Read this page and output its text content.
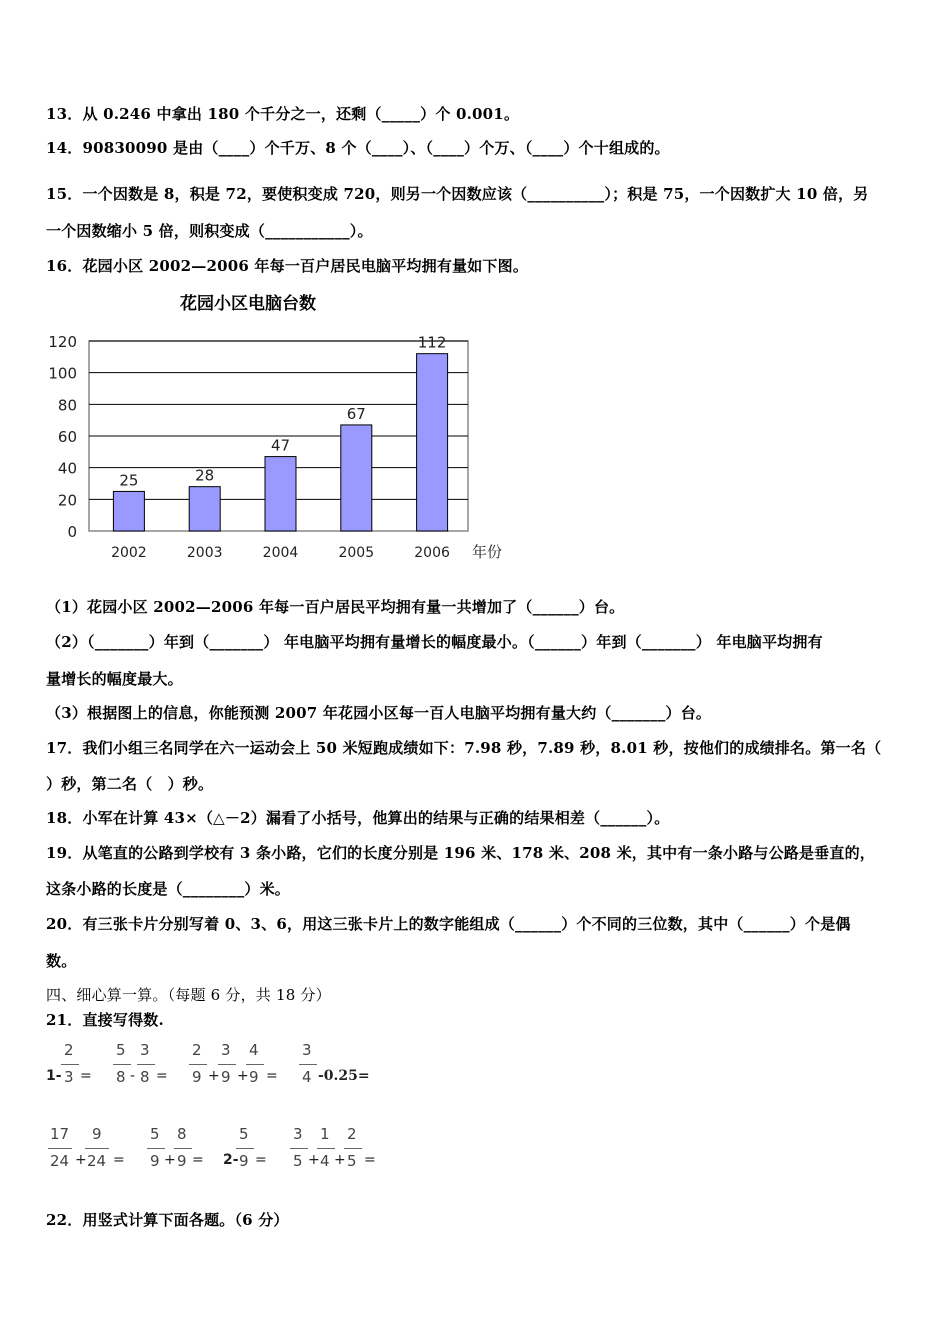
13．从 0.246 中拿出 180 个千分之一，还剩（_____）个 0.001。
14．90830090 是由（____）个千万、8 个（____）、（____）个万、（____）个十组成的。
15．一个因数是 8，积是 72，要使积变成 720，则另一个因数应该（__________）；积是 75，一个因数扩大 10 倍，另
一个因数缩小 5 倍，则积变成（___________）。
16．花园小区 2002—2006 年每一百户居民电脑平均拥有量如下图。
花园小区电脑台数
0
20
40
60
80
100
120
25
2002
28
2003
47
2004
67
2005
112
2006 年份
（1）花园小区 2002—2006 年每一百户居民平均拥有量一共增加了（______）台。
（2）（_______）年到（_______） 年电脑平均拥有量增长的幅度最小。（______）年到（_______） 年电脑平均拥有
量增长的幅度最大。
（3）根据图上的信息，你能预测 2007 年花园小区每一百人电脑平均拥有量大约（_______）台。
17．我们小组三名同学在六一运动会上 50 米短跑成绩如下：7.98 秒，7.89 秒，8.01 秒，按他们的成绩排名。第一名（
）秒，第二名（　）秒。
18．小军在计算 43×（△－2）漏看了小括号，他算出的结果与正确的结果相差（______）。
19．从笔直的公路到学校有 3 条小路，它们的长度分别是 196 米、178 米、208 米，其中有一条小路与公路是垂直的，
这条小路的长度是（________）米。
20．有三张卡片分别写着 0、3、6，用这三张卡片上的数字能组成（______）个不同的三位数，其中（______）个是偶
数。
四、细心算一算。（每题 6 分，共 18 分）
21．直接写得数.
1-
2
3 =
5
8 -
3
8 =
2
9 +
3
9 +
4
9 =
3
4 -0.25=
17
24 +
9
24 =
5
9 +
8
9 = 2-
5
9 =
3
5 +
1
4 +
2
5 =
22．用竖式计算下面各题。（6 分）
